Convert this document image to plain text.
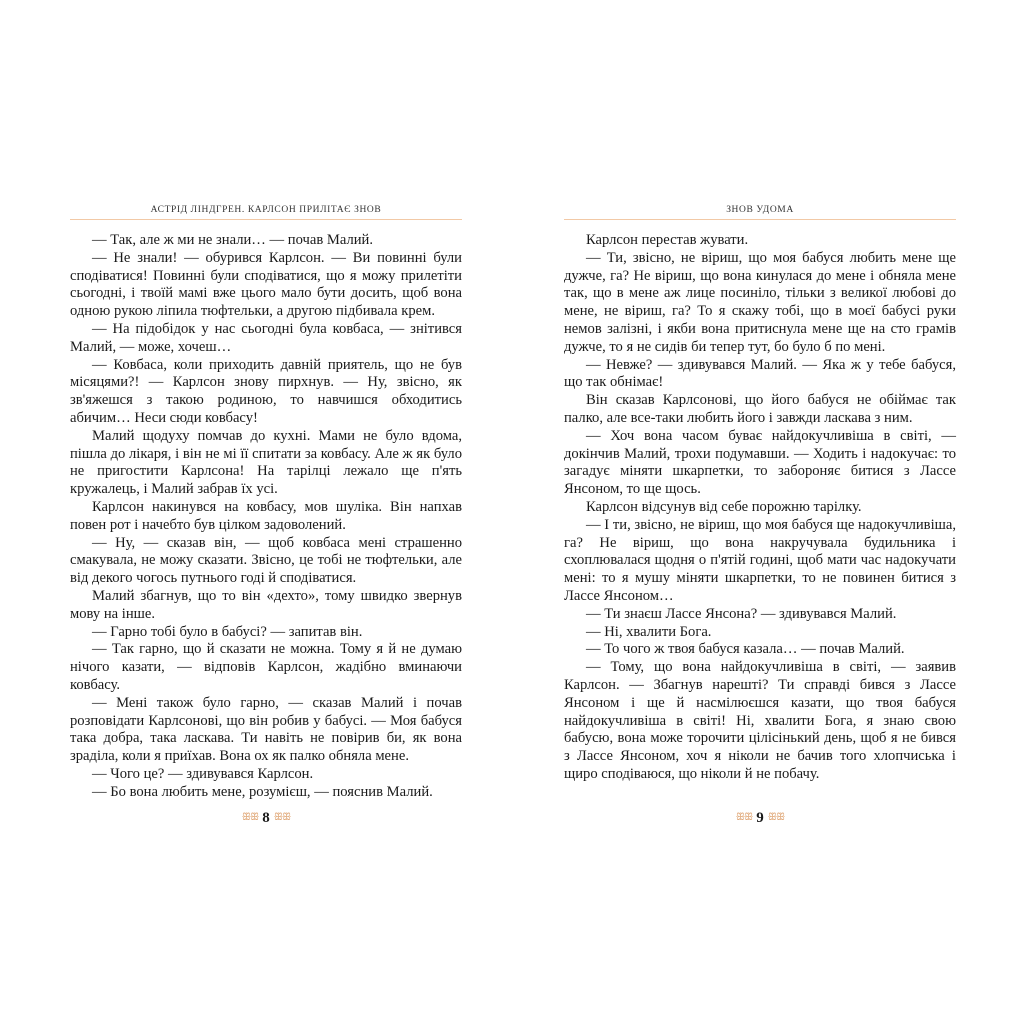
АСТРІД ЛІНДГРЕН. КАРЛСОН ПРИЛІТАЄ ЗНОВ

— Так, але ж ми не знали… — почав Малий.

— Не знали! — обурився Карлсон. — Ви повинні були сподіватися! Повинні були сподіватися, що я можу прилетіти сьогодні, і твоїй мамі вже цього мало бути досить, щоб вона одною рукою ліпила тюфтельки, а другою підбивала крем.

— На підобідок у нас сьогодні була ковбаса, — знітився Малий, — може, хочеш…

— Ковбаса, коли приходить давній приятель, що не був місяцями?! — Карлсон знову пирхнув. — Ну, звісно, як зв'яжешся з такою родиною, то навчишся обходитись абичим… Неси сюди ковбасу!

Малий щодуху помчав до кухні. Мами не було вдома, пішла до лікаря, і він не мі її спитати за ковбасу. Але ж як було не пригостити Карлсона! На тарілці лежало ще п'ять кружалець, і Малий забрав їх усі.

Карлсон накинувся на ковбасу, мов шуліка. Він напхав повен рот і начебто був цілком задоволений.

— Ну, — сказав він, — щоб ковбаса мені страшенно смакувала, не можу сказати. Звісно, це тобі не тюфтельки, але від декого чогось путнього годі й сподіватися.

Малий збагнув, що то він «дехто», тому швидко звернув мову на інше.

— Гарно тобі було в бабусі? — запитав він.

— Так гарно, що й сказати не можна. Тому я й не думаю нічого казати, — відповів Карлсон, жадібно вминаючи ковбасу.

— Мені також було гарно, — сказав Малий і почав розповідати Карлсонові, що він робив у бабусі. — Моя бабуся така добра, така ласкава. Ти навіть не повірив би, як вона зраділа, коли я приїхав. Вона ох як палко обняла мене.

— Чого це? — здивувався Карлсон.

— Бо вона любить мене, розумієш, — пояснив Малий.

ЗНОВ УДОМА

Карлсон перестав жувати.

— Ти, звісно, не віриш, що моя бабуся любить мене ще дужче, га? Не віриш, що вона кинулася до мене і обняла мене так, що в мене аж лице посиніло, тільки з великої любові до мене, не віриш, га? То я скажу тобі, що в моєї бабусі руки немов залізні, і якби вона притиснула мене ще на сто грамів дужче, то я не сидів би тепер тут, бо було б по мені.

— Невже? — здивувався Малий. — Яка ж у тебе бабуся, що так обнімає!

Він сказав Карлсонові, що його бабуся не обіймає так палко, але все-таки любить його і завжди ласкава з ним.

— Хоч вона часом буває найдокучливіша в світі, — докінчив Малий, трохи подумавши. — Ходить і надокучає: то загадує міняти шкарпетки, то забороняє битися з Лассе Янсоном, то ще щось.

Карлсон відсунув від себе порожню тарілку.

— І ти, звісно, не віриш, що моя бабуся ще надокучливіша, га? Не віриш, що вона накручувала будильника і схоплювалася щодня о п'ятій годині, щоб мати час надокучати мені: то я мушу міняти шкарпетки, то не повинен битися з Лассе Янсоном…

— Ти знаєш Лассе Янсона? — здивувався Малий.

— Ні, хвалити Бога.

— То чого ж твоя бабуся казала… — почав Малий.

— Тому, що вона найдокучливіша в світі, — заявив Карлсон. — Збагнув нарешті? Ти справді бився з Лассе Янсоном і ще й насмілюєшся казати, що твоя бабуся найдокучливіша в світі! Ні, хвалити Бога, я знаю свою бабусю, вона може торочити цілісінький день, щоб я не бився з Лассе Янсоном, хоч я ніколи не бачив того хлопчиська і щиро сподіваюся, що ніколи й не побачу.

ꕥꕥ 8 ꕥꕥ	ꕥꕥ 9 ꕥꕥ
